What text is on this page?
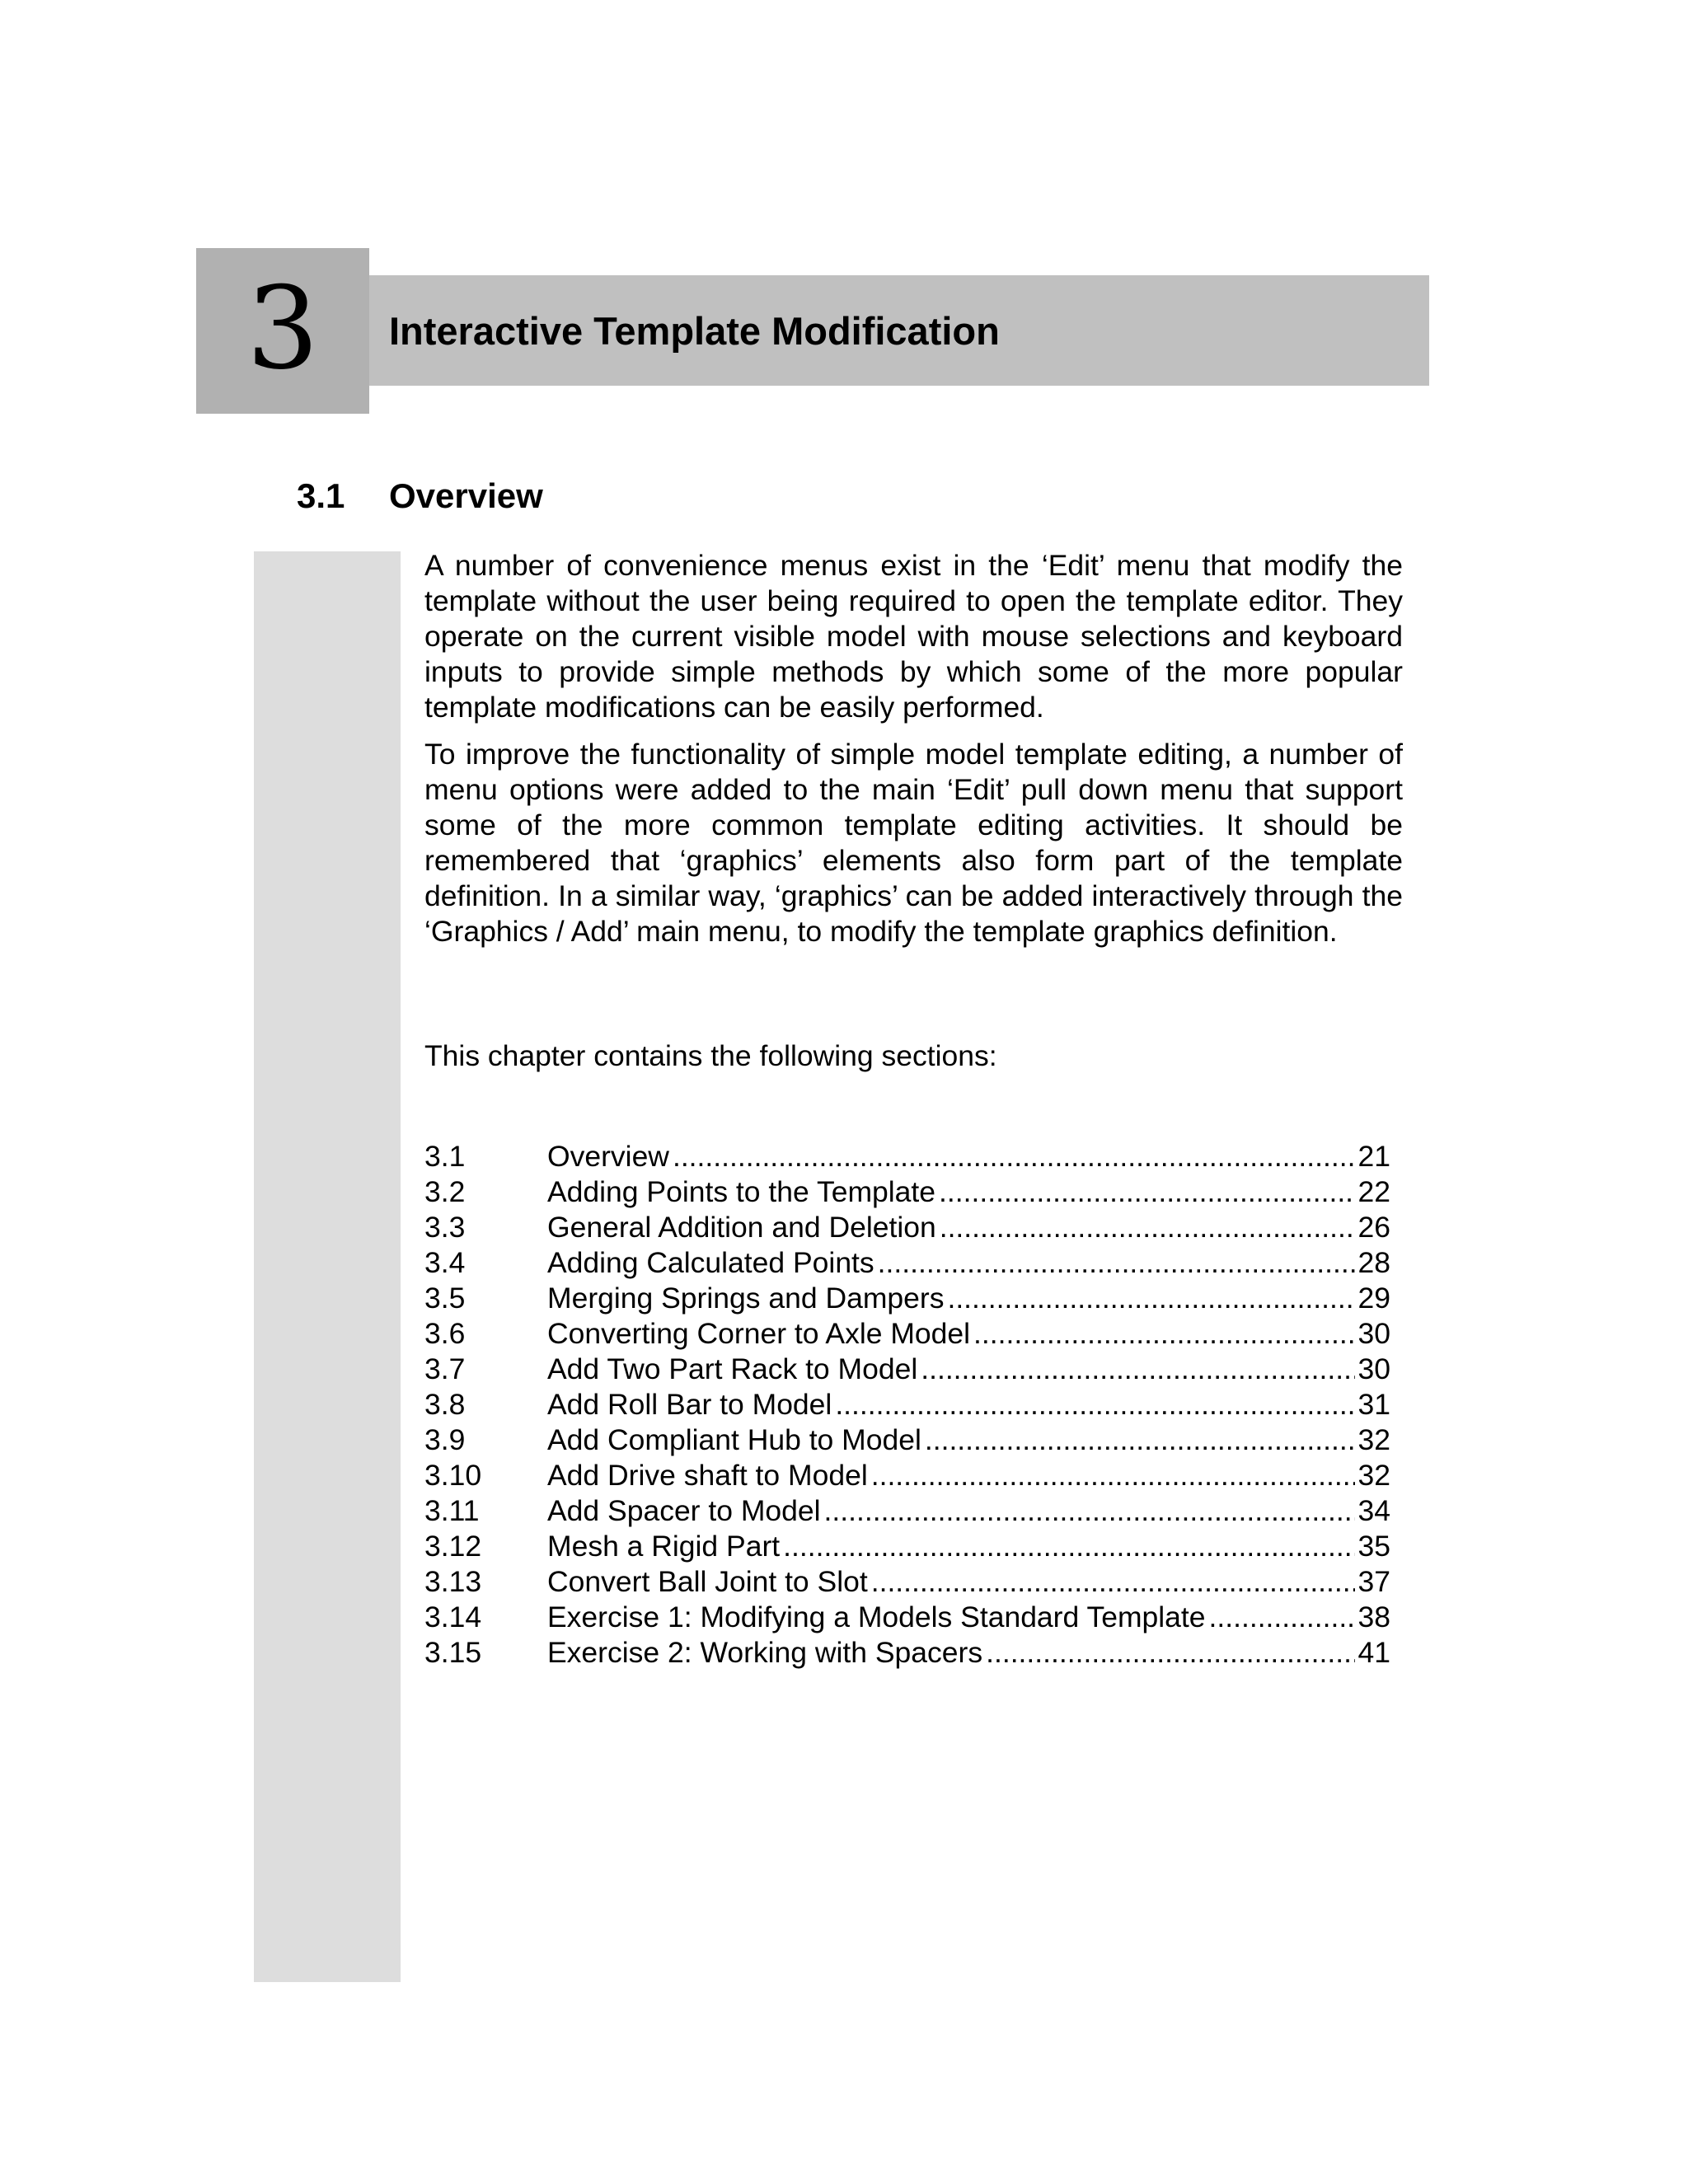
3 Interactive Template Modification
3.1 Overview

A number of convenience menus exist in the ‘Edit’ menu that modify the template without the user being required to open the template editor. They operate on the current visible model with mouse selections and keyboard inputs to provide simple methods by which some of the more popular template modifications can be easily performed.

To improve the functionality of simple model template editing, a number of menu options were added to the main ‘Edit’ pull down menu that support some of the more common template editing activities. It should be remembered that ‘graphics’ elements also form part of the template definition. In a similar way, ‘graphics’ can be added interactively through the ‘Graphics / Add’ main menu, to modify the template graphics definition.

This chapter contains the following sections:
3.1	Overview .....	21
3.2	Adding Points to the Template .....	22
3.3	General Addition and Deletion .....	26
3.4	Adding Calculated Points .....	28
3.5	Merging Springs and Dampers .....	29
3.6	Converting Corner to Axle Model .....	30
3.7	Add Two Part Rack to Model .....	30
3.8	Add Roll Bar to Model .....	31
3.9	Add Compliant Hub to Model .....	32
3.10	Add Drive shaft to Model .....	32
3.11	Add Spacer to Model .....	34
3.12	Mesh a Rigid Part .....	35
3.13	Convert Ball Joint to Slot .....	37
3.14	Exercise 1: Modifying a Models Standard Template .....	38
3.15	Exercise 2: Working with Spacers .....	41
